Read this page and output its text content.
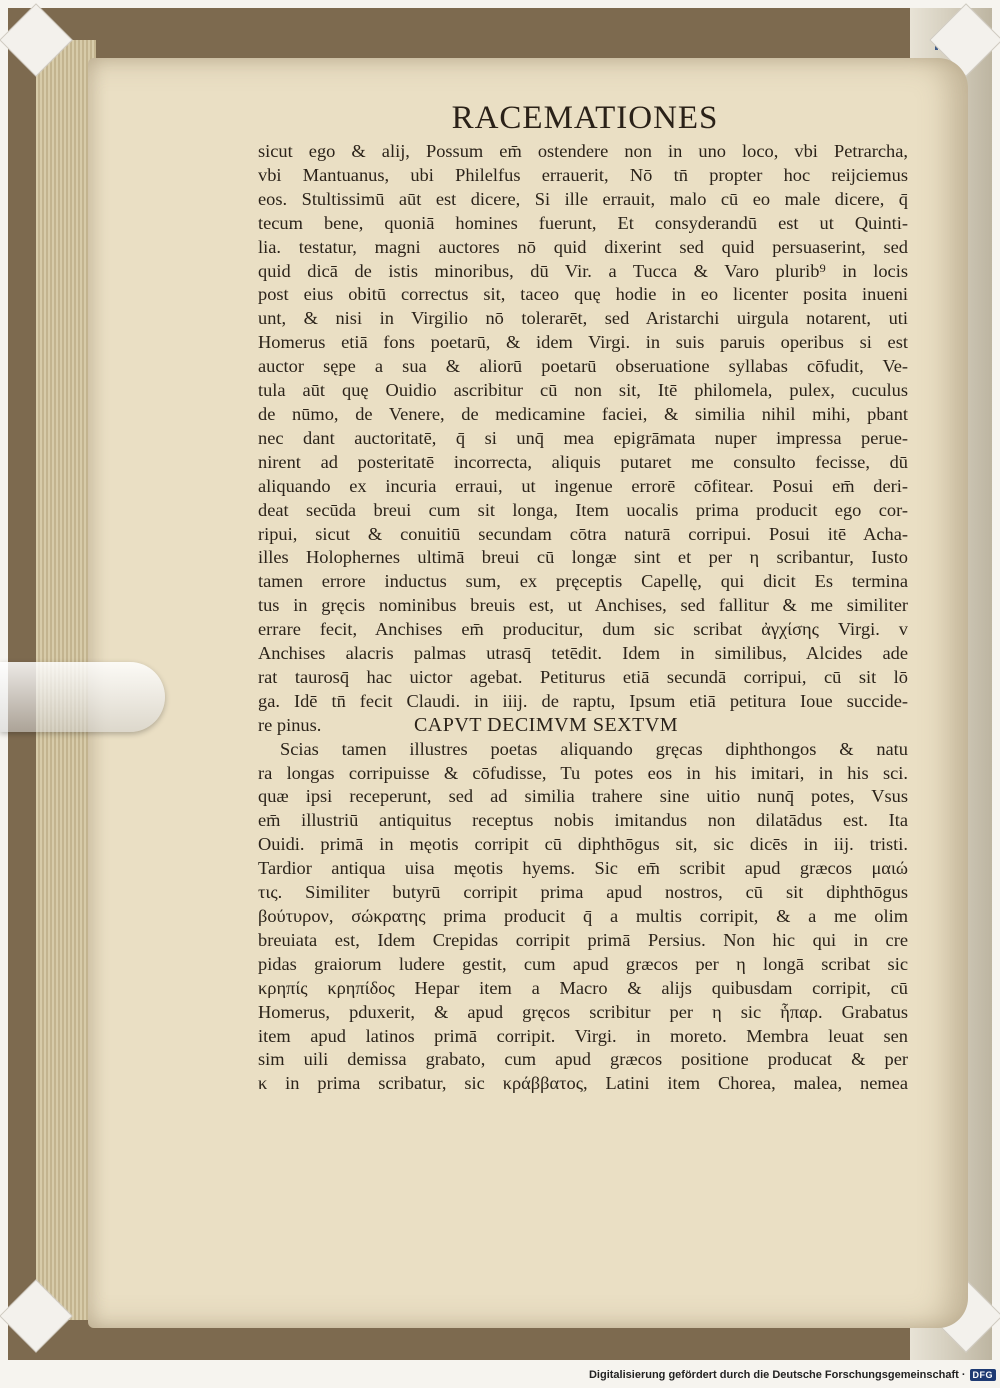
RACEMATIONES
sicut ego & alij, Possum em̄ ostendere non in uno loco, vbi Petrarcha,
vbi Mantuanus, ubi Philelfus errauerit, Nō tn̄ propter hoc reijciemus
eos. Stultissimū aūt est dicere, Si ille errauit, malo cū eo male dicere, q̄
tecum bene, quoniā homines fuerunt, Et consyderandū est ut Quinti-
lia. testatur, magni auctores nō quid dixerint sed quid persuaserint, sed
quid dicā de istis minoribus, dū Vir. a Tucca & Varo plurib⁹ in locis
post eius obitū correctus sit, taceo quę hodie in eo licenter posita inueni
unt, & nisi in Virgilio nō tolerarēt, sed Aristarchi uirgula notarent, uti
Homerus etiā fons poetarū, & idem Virgi. in suis paruis operibus si est
auctor sępe a sua & aliorū poetarū obseruatione syllabas cōfudit, Ve-
tula aūt quę Ouidio ascribitur cū non sit, Itē philomela, pulex, cuculus
de nūmo, de Venere, de medicamine faciei, & similia nihil mihi, pbant
nec dant auctoritatē, q̄ si unq̄ mea epigrāmata nuper impressa perue-
nirent ad posteritatē incorrecta, aliquis putaret me consulto fecisse, dū
aliquando ex incuria erraui, ut ingenue errorē cōfitear. Posui em̄ deri-
deat secūda breui cum sit longa, Item uocalis prima producit ego cor-
ripui, sicut & conuitiū secundam cōtra naturā corripui. Posui itē Acha-
illes Holophernes ultimā breui cū longæ sint et per η scribantur, Iusto
tamen errore inductus sum, ex pręceptis Capellę, qui dicit Es termina
tus in gręcis nominibus breuis est, ut Anchises, sed fallitur & me similiter
errare fecit, Anchises em̄ producitur, dum sic scribat ἀγχίσης Virgi. v
Anchises alacris palmas utrasq̄ tetēdit. Idem in similibus, Alcides ade
rat taurosq̄ hac uictor agebat. Petiturus etiā secundā corripui, cū sit lō
ga. Idē tn̄ fecit Claudi. in iiij. de raptu, Ipsum etiā petitura Ioue succide-
re pinus.	CAPVT DECIMVM SEXTVM
Scias tamen illustres poetas aliquando gręcas diphthongos & natu
ra longas corripuisse & cōfudisse, Tu potes eos in his imitari, in his sci.
quæ ipsi receperunt, sed ad similia trahere sine uitio nunq̄ potes, Vsus
em̄ illustriū antiquitus receptus nobis imitandus non dilatādus est. Ita
Ouidi. primā in męotis corripit cū diphthōgus sit, sic dicēs in iij. tristi.
Tardior antiqua uisa męotis hyems. Sic em̄ scribit apud græcos μαιώ
τις. Similiter butyrū corripit prima apud nostros, cū sit diphthōgus
βούτυρον, σώκρατης prima producit q̄ a multis corripit, & a me olim
breuiata est, Idem Crepidas corripit primā Persius. Non hic qui in cre
pidas graiorum ludere gestit, cum apud græcos per η longā scribat sic
κρηπίς κρηπίδος Hepar item a Macro & alijs quibusdam corripit, cū
Homerus, pduxerit, & apud gręcos scribitur per η sic ἧπαρ. Grabatus
item apud latinos primā corripit. Virgi. in moreto. Membra leuat sen
sim uili demissa grabato, cum apud græcos positione producat & per
κ in prima scribatur, sic κράββατος, Latini item Chorea, malea, nemea
Digitalisierung gefördert durch die Deutsche Forschungsgemeinschaft · DFG
